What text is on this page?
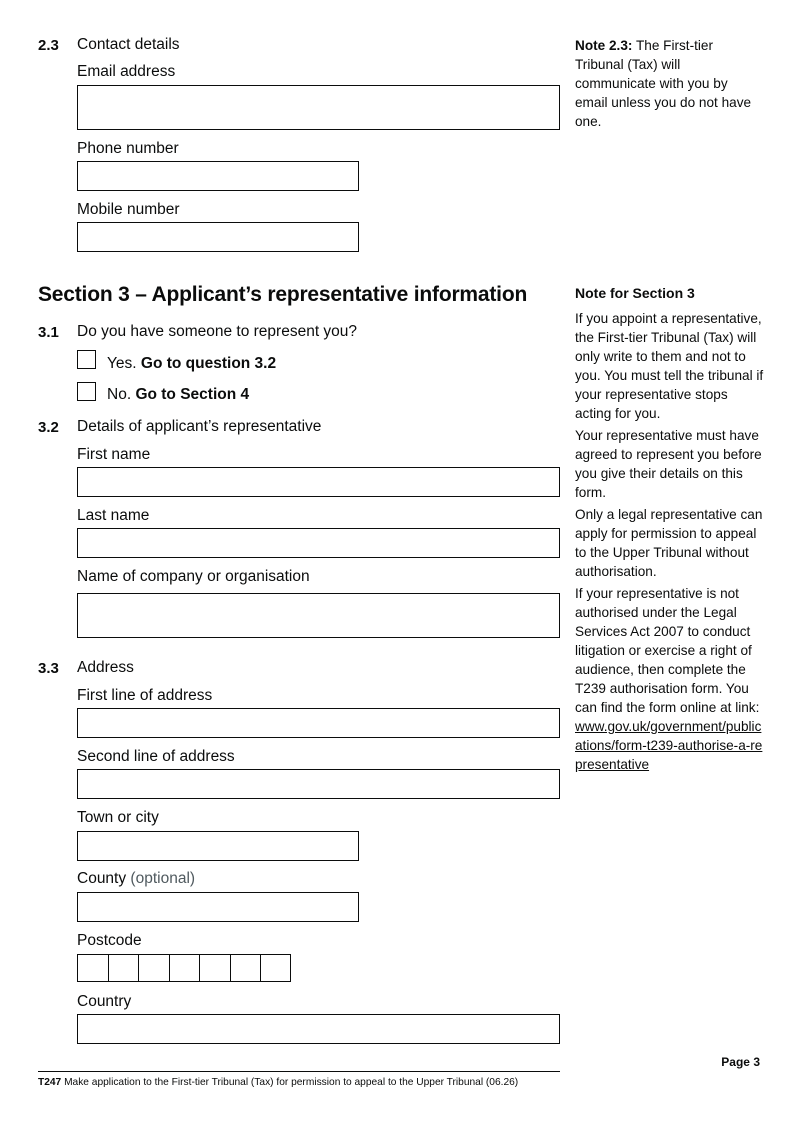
2.3 Contact details
Email address
Phone number
Mobile number
Note 2.3: The First-tier Tribunal (Tax) will communicate with you by email unless you do not have one.
Section 3 – Applicant’s representative information	Note for Section 3

If you appoint a representative, the First-tier Tribunal (Tax) will only write to them and not to you. You must tell the tribunal if your representative stops acting for you.

Your representative must have agreed to represent you before you give their details on this form.

Only a legal representative can apply for permission to appeal to the Upper Tribunal without authorisation.

If your representative is not authorised under the Legal Services Act 2007 to conduct litigation or exercise a right of audience, then complete the T239 authorisation form. You can find the form online at link:

www.gov.uk/government/publications/form-t239-authorise-a-representative
3.1 Do you have someone to represent you?
Yes. Go to question 3.2
No. Go to Section 4
3.2 Details of applicant’s representative
First name
Last name
Name of company or organisation
3.3 Address
First line of address
Second line of address
Town or city
County (optional)
Postcode
Country
Page 3
T247 Make application to the First-tier Tribunal (Tax) for permission to appeal to the Upper Tribunal (06.26)
